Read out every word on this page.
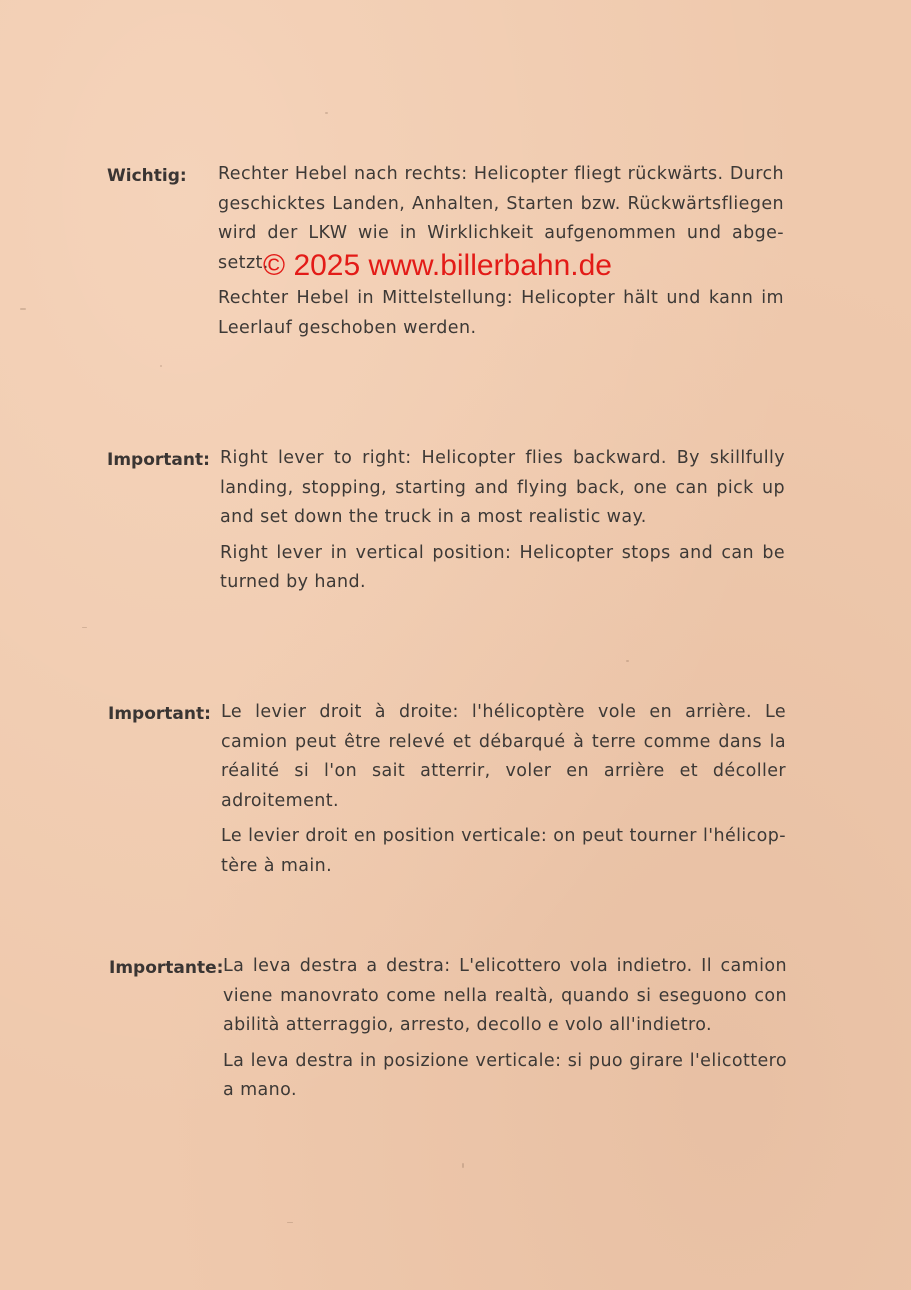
Wichtig: Rechter Hebel nach rechts: Helicopter fliegt rückwärts. Durch geschicktes Landen, Anhalten, Starten bzw. Rückwärtsfliegen wird der LKW wie in Wirklichkeit aufgenommen und abge-setzt.

Rechter Hebel in Mittelstellung: Helicopter hält und kann im Leerlauf geschoben werden.

© 2025 www.billerbahn.de
Important: Right lever to right: Helicopter flies backward. By skillfully landing, stopping, starting and flying back, one can pick up and set down the truck in a most realistic way.

Right lever in vertical position: Helicopter stops and can be turned by hand.

Important: Le levier droit à droite: l'hélicoptère vole en arrière. Le camion peut être relevé et débarqué à terre comme dans la réalité si l'on sait atterrir, voler en arrière et décoller adroitement.

Le levier droit en position verticale: on peut tourner l'hélicop-tère à main.

Importante: La leva destra a destra: L'elicottero vola indietro. Il camion viene manovrato come nella realtà, quando si eseguono con abilità atterraggio, arresto, decollo e volo all'indietro.

La leva destra in posizione verticale: si puo girare l'elicottero a mano.
